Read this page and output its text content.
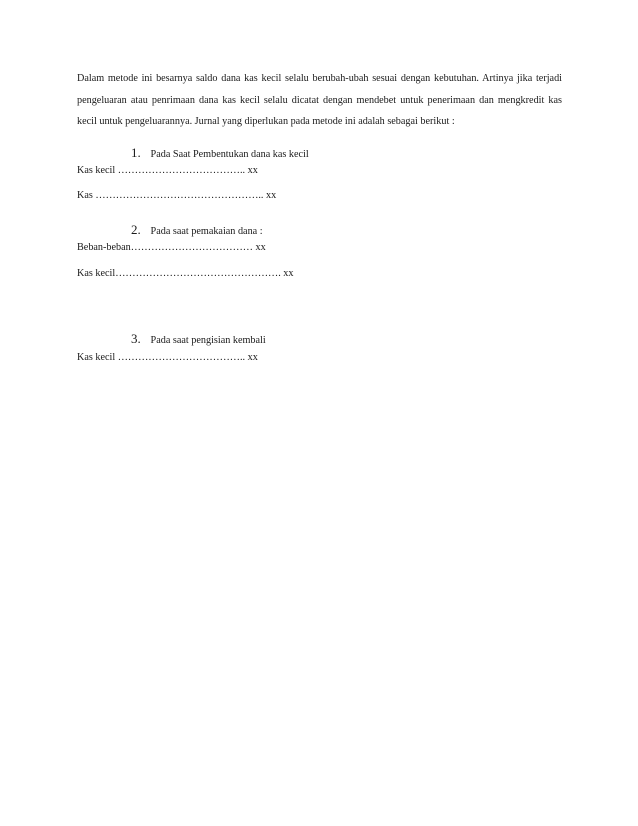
Dalam metode ini besarnya saldo dana kas kecil selalu berubah-ubah sesuai dengan kebutuhan. Artinya jika terjadi pengeluaran atau penrimaan dana kas kecil selalu dicatat dengan mendebet untuk penerimaan dan mengkredit kas kecil untuk pengeluarannya. Jurnal yang diperlukan pada metode ini adalah sebagai berikut :

1. Pada Saat Pembentukan dana kas kecil
Kas kecil ……………………………….. xx
Kas ………………………………………….. xx
2. Pada saat pemakaian dana :
Beban-beban……………………………… xx
Kas kecil…………………………………………. xx
3. Pada saat pengisian kembali
Kas kecil ……………………………….. xx
